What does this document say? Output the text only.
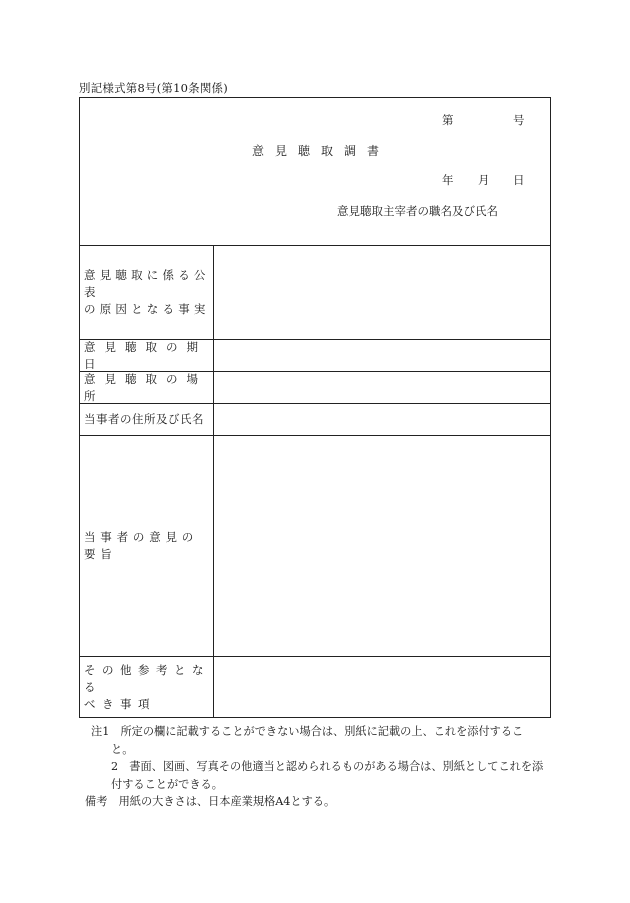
別記様式第8号(第10条関係)
第	号
意見聴取調書
年 月 日
意見聴取主宰者の職名及び氏名
意見聴取に係る公表
の原因となる事実
意見聴取の期日
意見聴取の場所
当事者の住所及び氏名
当事者の意見の要旨
その他参考となる
べき事項
注1　所定の欄に記載することができない場合は、別紙に記載の上、これを添付するこ
と。
2　書面、図画、写真その他適当と認められるものがある場合は、別紙としてこれを添
付することができる。
備考　用紙の大きさは、日本産業規格A4とする。
